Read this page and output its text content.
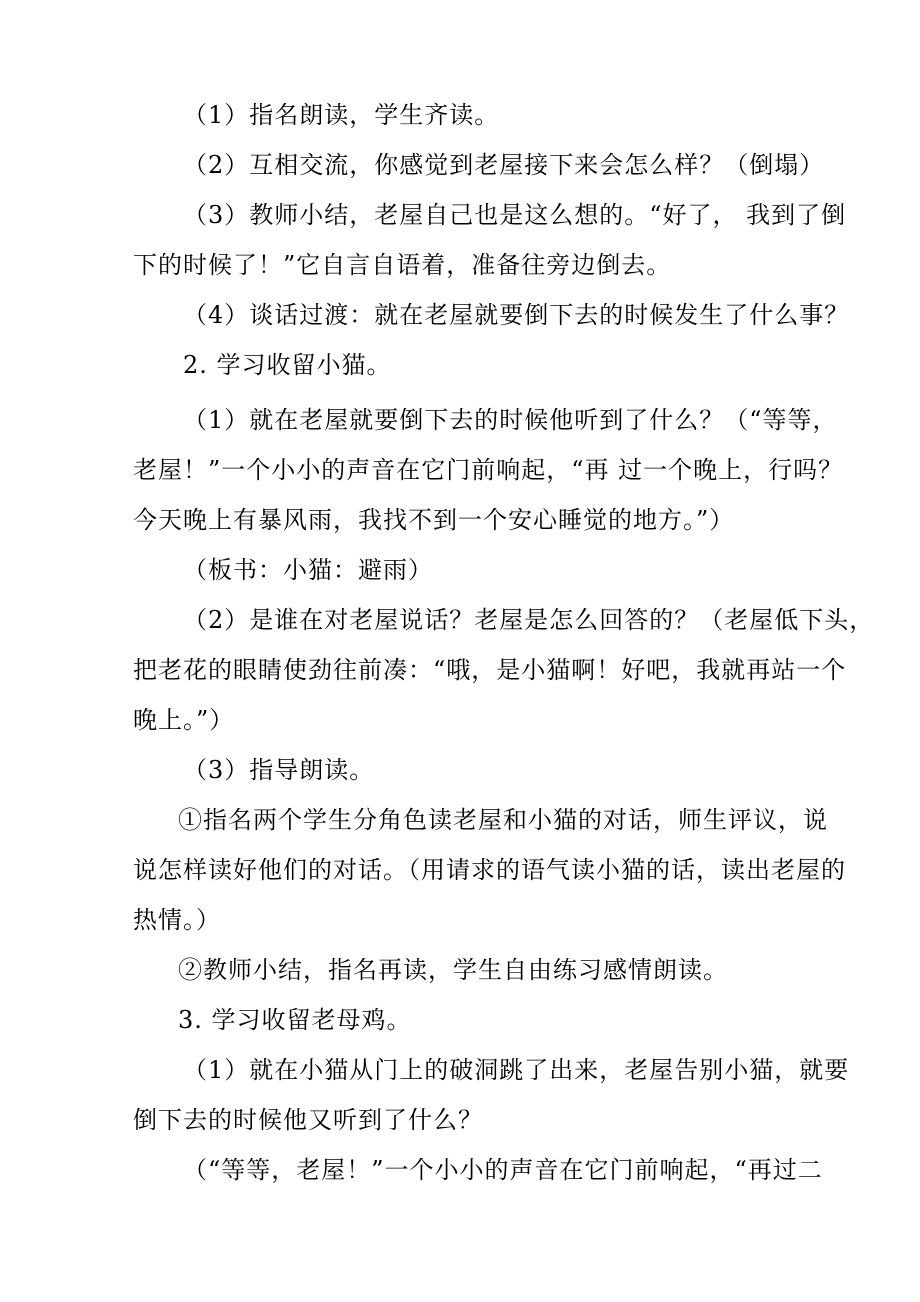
（1）指名朗读，学生齐读。
（2）互相交流，你感觉到老屋接下来会怎么样？（倒塌）
（3）教师小结，老屋自己也是这么想的。“好了， 我到了倒
下的时候了！”它自言自语着，准备往旁边倒去。
（4）谈话过渡：就在老屋就要倒下去的时候发生了什么事？
2. 学习收留小猫。
（1）就在老屋就要倒下去的时候他听到了什么？（“等等，
老屋！”一个小小的声音在它门前响起，“再 过一个晚上，行吗？
今天晚上有暴风雨，我找不到一个安心睡觉的地方。”）
（板书：小猫：避雨）
（2）是谁在对老屋说话？老屋是怎么回答的？（老屋低下头，
把老花的眼睛使劲往前凑：“哦，是小猫啊！好吧，我就再站一个
晚上。”）
（3）指导朗读。
①指名两个学生分角色读老屋和小猫的对话，师生评议，说
说怎样读好他们的对话。（用请求的语气读小猫的话，读出老屋的
热情。）
②教师小结，指名再读，学生自由练习感情朗读。
3. 学习收留老母鸡。
（1）就在小猫从门上的破洞跳了出来，老屋告别小猫，就要
倒下去的时候他又听到了什么？
（“等等，老屋！”一个小小的声音在它门前响起，“再过二
